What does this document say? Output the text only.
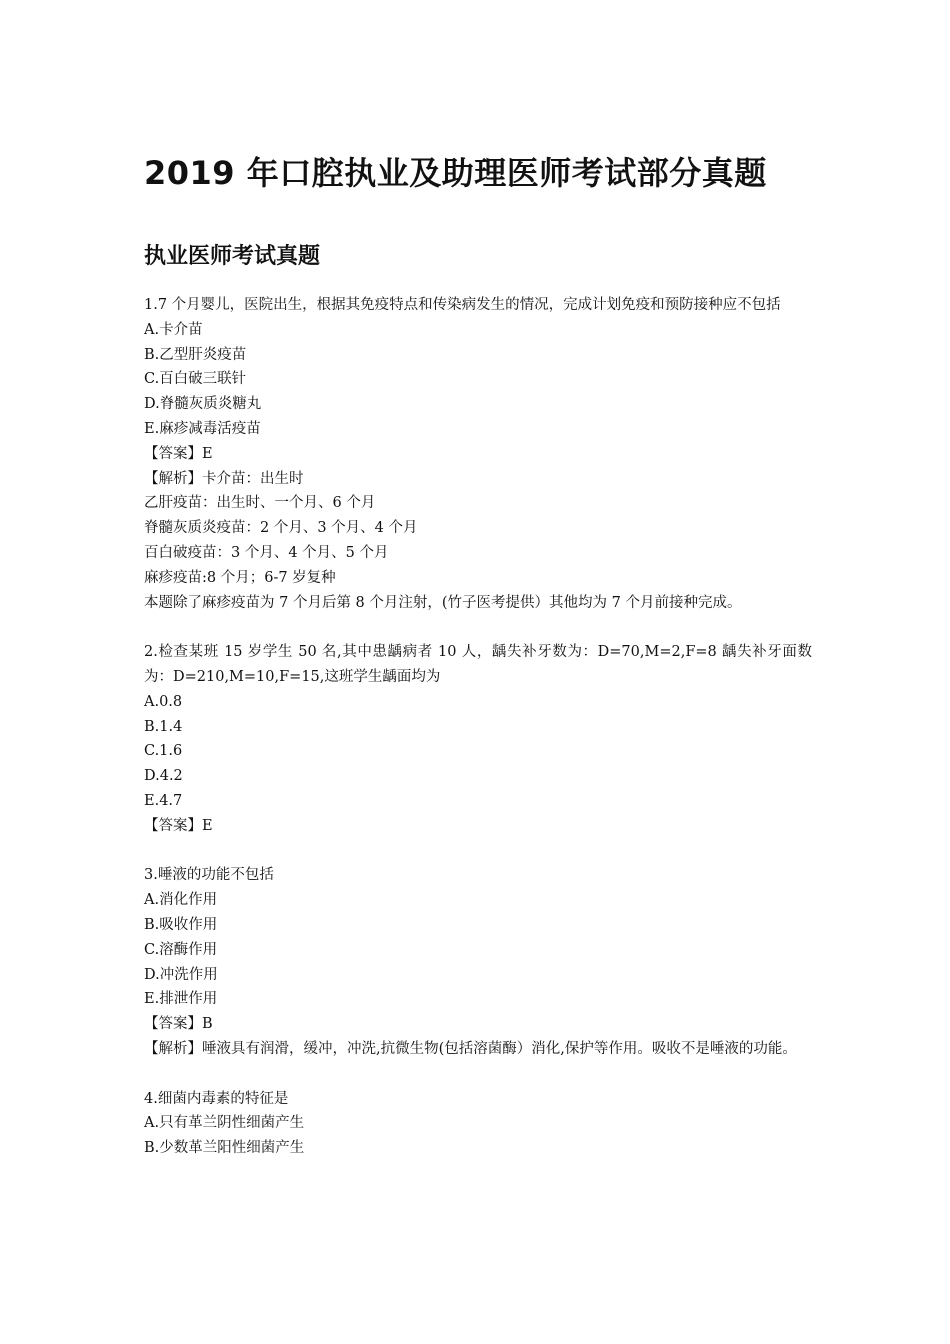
2019 年口腔执业及助理医师考试部分真题
执业医师考试真题
1.7 个月婴儿，医院出生，根据其免疫特点和传染病发生的情况，完成计划免疫和预防接种应不包括
A.卡介苗
B.乙型肝炎疫苗
C.百白破三联针
D.脊髓灰质炎糖丸
E.麻疹减毒活疫苗
【答案】E
【解析】卡介苗：出生时
乙肝疫苗：出生时、一个月、6 个月
脊髓灰质炎疫苗：2 个月、3 个月、4 个月
百白破疫苗：3 个月、4 个月、5 个月
麻疹疫苗:8 个月；6-7 岁复种
本题除了麻疹疫苗为 7 个月后第 8 个月注射，(竹子医考提供）其他均为 7 个月前接种完成。
2.检查某班 15 岁学生 50 名,其中患龋病者 10 人，龋失补牙数为：D=70,M=2,F=8 龋失补牙面数为：D=210,M=10,F=15,这班学生龋面均为
A.0.8
B.1.4
C.1.6
D.4.2
E.4.7
【答案】E
3.唾液的功能不包括
A.消化作用
B.吸收作用
C.溶酶作用
D.冲洗作用
E.排泄作用
【答案】B
【解析】唾液具有润滑，缓冲，冲洗,抗微生物(包括溶菌酶）消化,保护等作用。吸收不是唾液的功能。
4.细菌内毒素的特征是
A.只有革兰阴性细菌产生
B.少数革兰阳性细菌产生
